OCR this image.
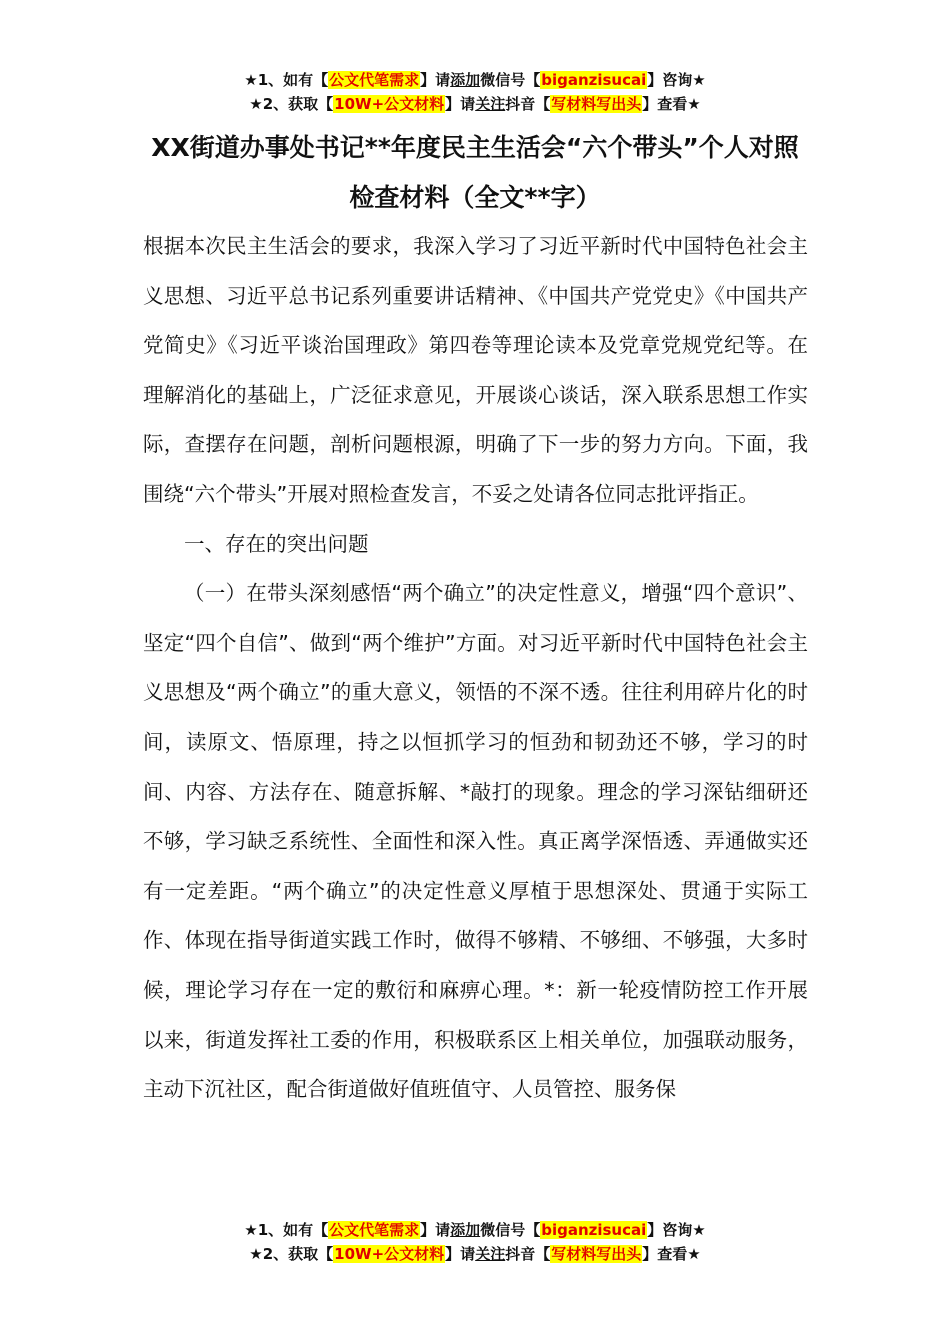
★1、如有【公文代笔需求】请添加微信号【biganzisucai】咨询★
★2、获取【10W+公文材料】请关注抖音【写材料写出头】查看★
XX街道办事处书记**年度民主生活会“六个带头”个人对照检查材料（全文**字）

根据本次民主生活会的要求，我深入学习了习近平新时代中国特色社会主义思想、习近平总书记系列重要讲话精神、《中国共产党党史》《中国共产党简史》《习近平谈治国理政》第四卷等理论读本及党章党规党纪等。在理解消化的基础上，广泛征求意见，开展谈心谈话，深入联系思想工作实际，查摆存在问题，剖析问题根源，明确了下一步的努力方向。下面，我围绕“六个带头”开展对照检查发言，不妥之处请各位同志批评指正。

一、存在的突出问题

（一）在带头深刻感悟“两个确立”的决定性意义，增强“四个意识”、坚定“四个自信”、做到“两个维护”方面。对习近平新时代中国特色社会主义思想及“两个确立”的重大意义，领悟的不深不透。往往利用碎片化的时间，读原文、悟原理，持之以恒抓学习的恒劲和韧劲还不够，学习的时间、内容、方法存在、随意拆解、*敲打的现象。理念的学习深钻细研还不够，学习缺乏系统性、全面性和深入性。真正离学深悟透、弄通做实还有一定差距。“两个确立”的决定性意义厚植于思想深处、贯通于实际工作、体现在指导街道实践工作时，做得不够精、不够细、不够强，大多时候，理论学习存在一定的敷衍和麻痹心理。*：新一轮疫情防控工作开展以来，街道发挥社工委的作用，积极联系区上相关单位，加强联动服务，主动下沉社区，配合街道做好值班值守、人员管控、服务保

★1、如有【公文代笔需求】请添加微信号【biganzisucai】咨询★
★2、获取【10W+公文材料】请关注抖音【写材料写出头】查看★
